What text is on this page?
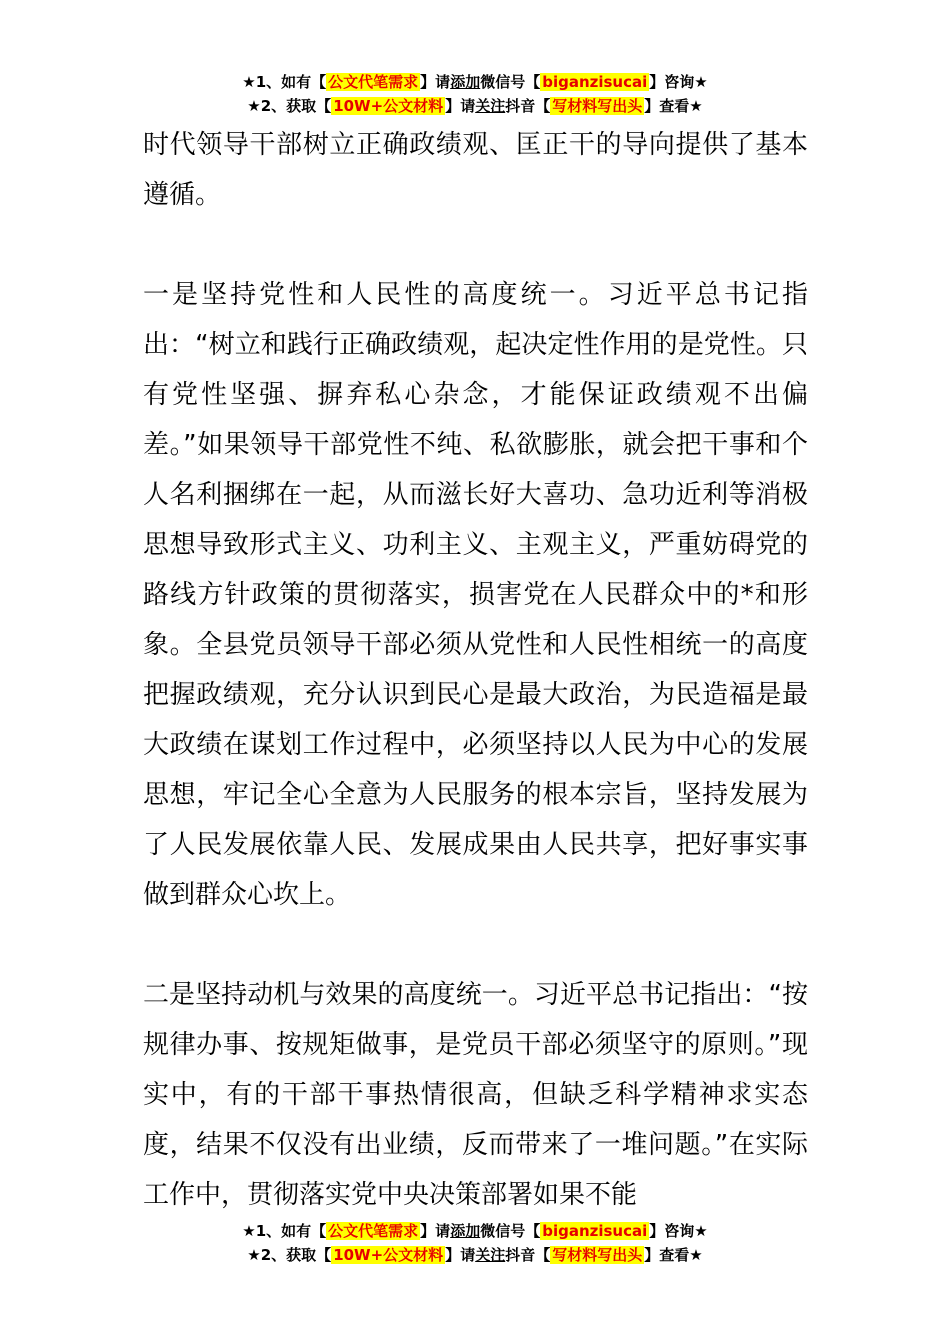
★1、如有【 公文代笔需求 】请添加微信号【 biganzisucai 】咨询★
★2、获取【 10W+公文材料 】请关注抖音【 写材料写出头 】查看★

时代领导干部树立正确政绩观、匡正干的导向提供了基本遵循。

一是坚持党性和人民性的高度统一。习近平总书记指出：“树立和践行正确政绩观，起决定性作用的是党性。只有党性坚强、摒弃私心杂念，才能保证政绩观不出偏差。”如果领导干部党性不纯、私欲膨胀，就会把干事和个人名利捆绑在一起，从而滋长好大喜功、急功近利等消极思想导致形式主义、功利主义、主观主义，严重妨碍党的路线方针政策的贯彻落实，损害党在人民群众中的*和形象。全县党员领导干部必须从党性和人民性相统一的高度把握政绩观，充分认识到民心是最大政治，为民造福是最大政绩在谋划工作过程中，必须坚持以人民为中心的发展思想，牢记全心全意为人民服务的根本宗旨，坚持发展为了人民发展依靠人民、发展成果由人民共享，把好事实事做到群众心坎上。

二是坚持动机与效果的高度统一。习近平总书记指出：“按规律办事、按规矩做事，是党员干部必须坚守的原则。”现实中，有的干部干事热情很高，但缺乏科学精神求实态度，结果不仅没有出业绩，反而带来了一堆问题。”在实际工作中，贯彻落实党中央决策部署如果不能

★1、如有【 公文代笔需求 】请添加微信号【 biganzisucai 】咨询★
★2、获取【 10W+公文材料 】请关注抖音【 写材料写出头 】查看★
